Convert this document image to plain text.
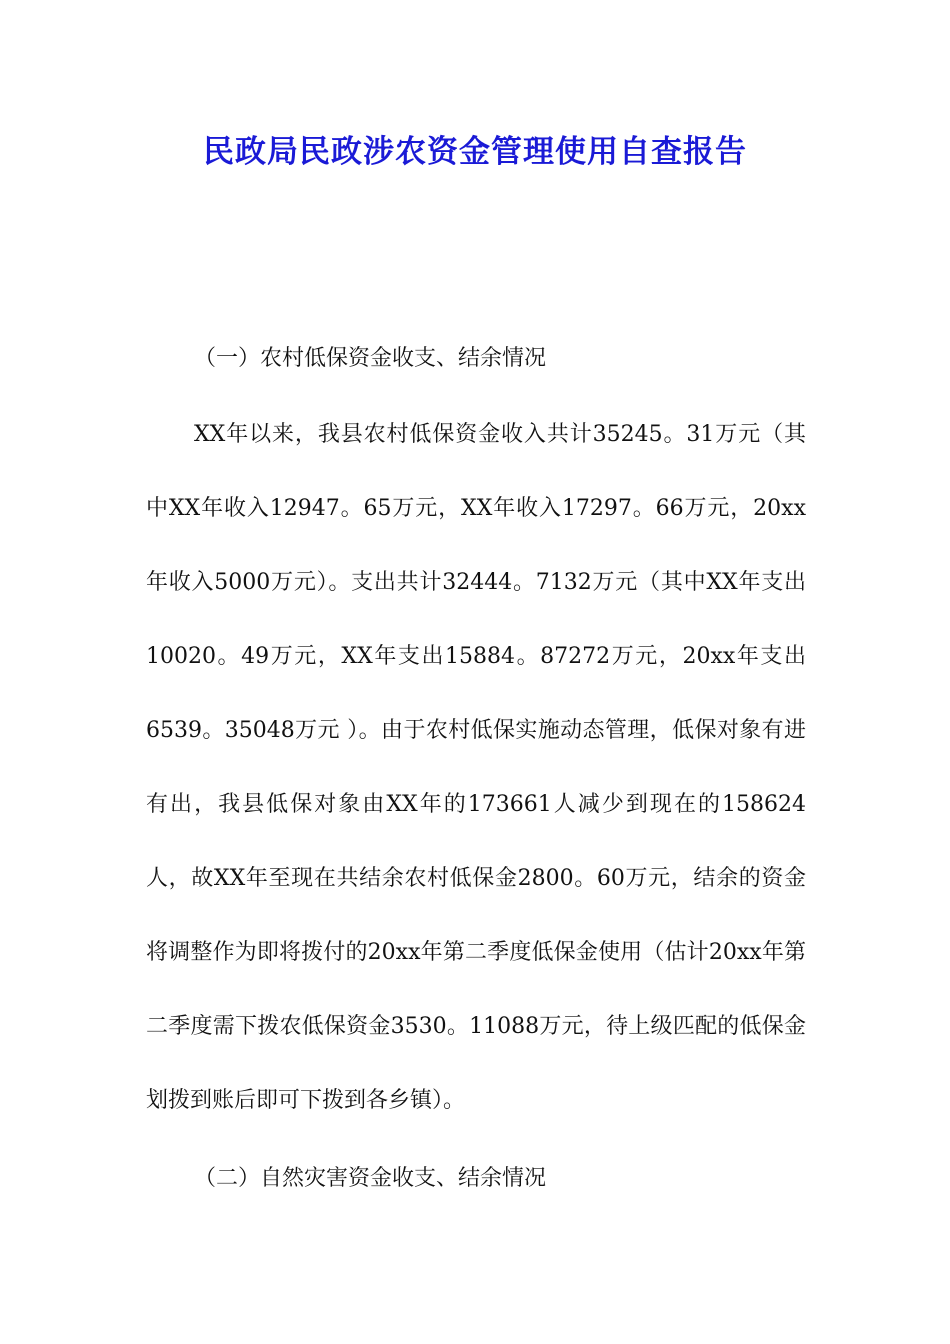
民政局民政涉农资金管理使用自查报告
（一）农村低保资金收支、结余情况
XX年以来，我县农村低保资金收入共计35245。31万元（其中XX年收入12947。65万元，XX年收入17297。66万元，20xx年收入5000万元）。支出共计32444。7132万元（其中XX年支出10020。49万元，XX年支出15884。87272万元，20xx年支出6539。35048万元 ）。由于农村低保实施动态管理，低保对象有进有出，我县低保对象由XX年的173661人减少到现在的158624人，故XX年至现在共结余农村低保金2800。60万元，结余的资金将调整作为即将拨付的20xx年第二季度低保金使用（估计20xx年第二季度需下拨农低保资金3530。11088万元，待上级匹配的低保金划拨到账后即可下拨到各乡镇）。
（二）自然灾害资金收支、结余情况
